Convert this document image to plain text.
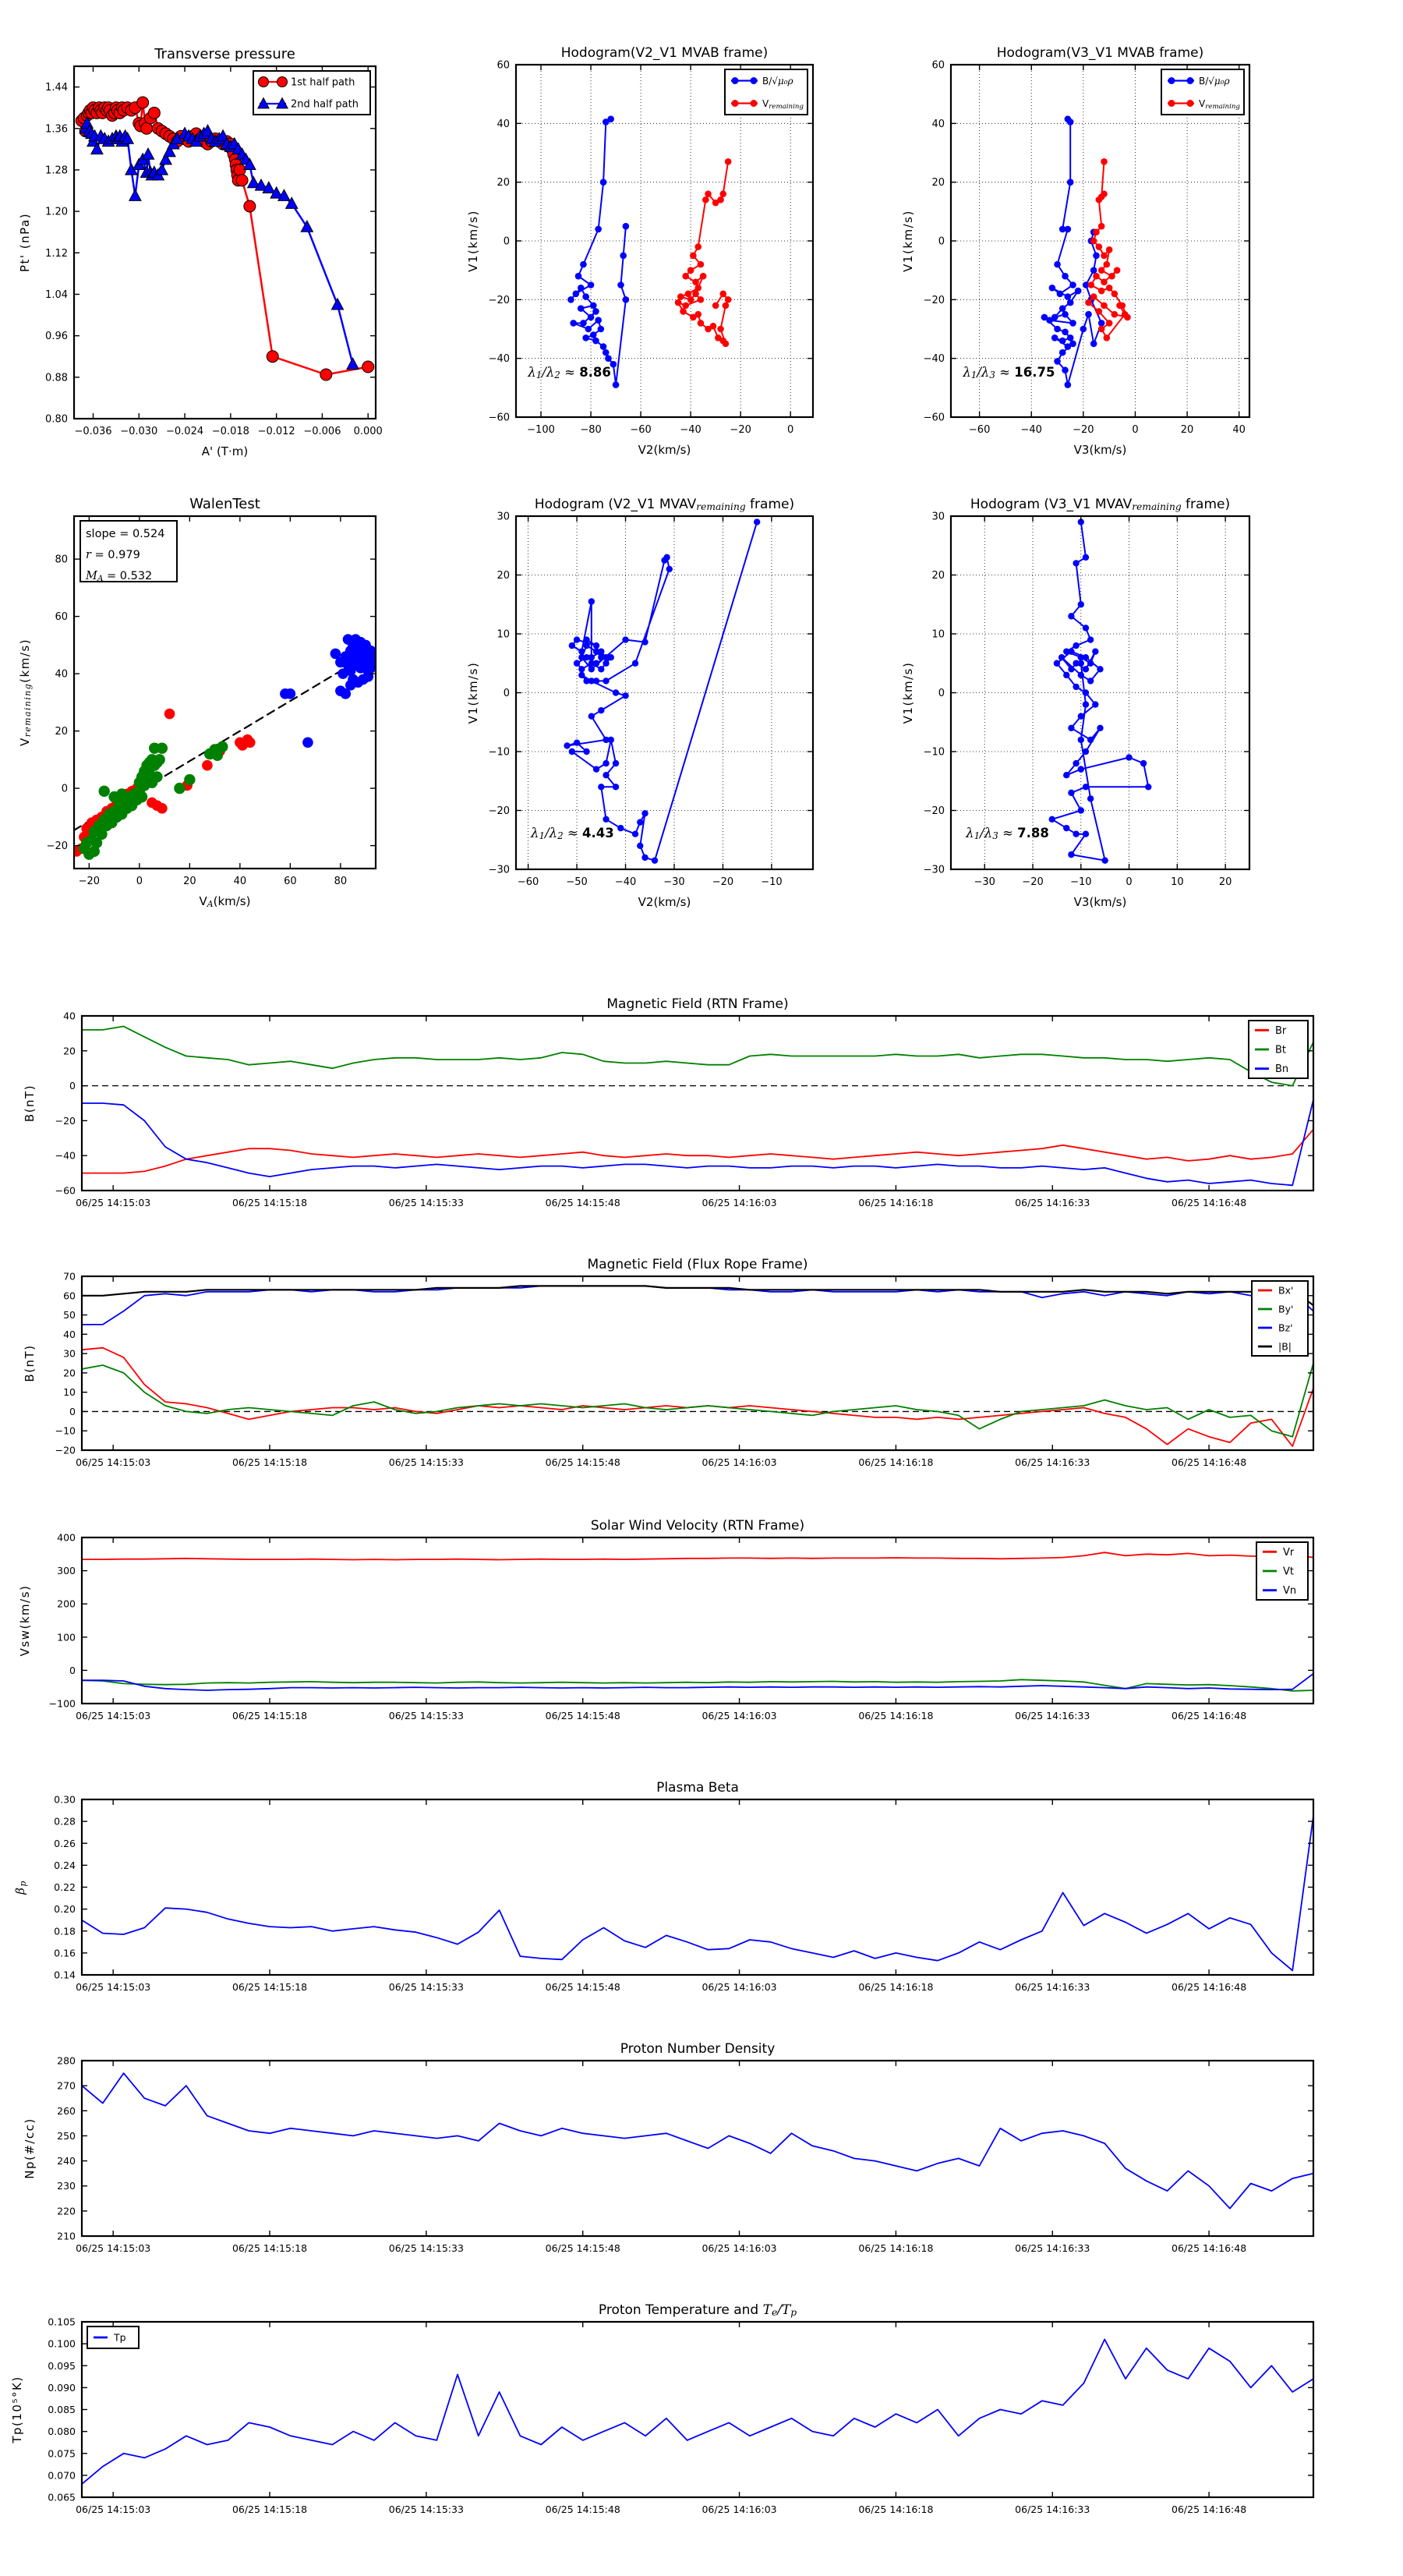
−0.036 −0.030 −0.024 −0.018 −0.012 −0.006 0.000
0.80
0.88
0.96
1.04
1.12
1.20
1.28
1.36
1.44
Transverse pressure
A' (T·m)
Pt' (nPa)
1st half path
2nd half path
−100 −80	−60	−40	−20	0
−60
−40
−20
0
20
40
60
Hodogram(V2_V1 MVAB frame)
V2(km/s)
V1(km/s)
B/√μ₀ρ
Vremaining
λ1/λ2 ≈ 8.86
−60	−40	−20	0	20	40
−60
−40
−20
0
20
40
60
Hodogram(V3_V1 MVAB frame)
V3(km/s)
V1(km/s)
B/√μ₀ρ
Vremaining
λ1/λ3 ≈ 16.75
−20	0	20	40	60	80
−20
0
20
40
60
80
WalenTest
VA(km/s)
Vremaining(km/s)
slope = 0.524
r = 0.979
MA = 0.532
−60	−50	−40	−30	−20	−10
−30
−20
−10
0
10
20
30
Hodogram (V2_V1 MVAVremaining frame)
V2(km/s)
V1(km/s)
λ1/λ2 ≈ 4.43
−30	−20	−10	0	10	20
−30
−20
−10
0
10
20
30
Hodogram (V3_V1 MVAVremaining frame)
V3(km/s)
V1(km/s)
λ1/λ3 ≈ 7.88
06/25 14:15:03	06/25 14:15:18	06/25 14:15:33	06/25 14:15:48	06/25 14:16:03	06/25 14:16:18	06/25 14:16:33	06/25 14:16:48
−60
−40
−20
0
20
40
Magnetic Field (RTN Frame)
B(nT)
Br
Bt
Bn
06/25 14:15:03	06/25 14:15:18	06/25 14:15:33	06/25 14:15:48	06/25 14:16:03	06/25 14:16:18	06/25 14:16:33	06/25 14:16:48
−20
−10
0
10
20
30
40
50
60
70
Magnetic Field (Flux Rope Frame)
B(nT)
Bx'
By'
Bz'
|B|
06/25 14:15:03	06/25 14:15:18	06/25 14:15:33	06/25 14:15:48	06/25 14:16:03	06/25 14:16:18	06/25 14:16:33	06/25 14:16:48
−100
0
100
200
300
400
Solar Wind Velocity (RTN Frame)
Vsw(km/s)
Vr
Vt
Vn
06/25 14:15:03	06/25 14:15:18	06/25 14:15:33	06/25 14:15:48	06/25 14:16:03	06/25 14:16:18	06/25 14:16:33	06/25 14:16:48
0.14
0.16
0.18
0.20
0.22
0.24
0.26
0.28
0.30
Plasma Beta
βp
06/25 14:15:03	06/25 14:15:18	06/25 14:15:33	06/25 14:15:48	06/25 14:16:03	06/25 14:16:18	06/25 14:16:33	06/25 14:16:48
210
220
230
240
250
260
270
280
Proton Number Density
Np(#/cc)
06/25 14:15:03	06/25 14:15:18	06/25 14:15:33	06/25 14:15:48	06/25 14:16:03	06/25 14:16:18	06/25 14:16:33	06/25 14:16:48
0.065
0.070
0.075
0.080
0.085
0.090
0.095
0.100
0.105
Proton Temperature and Te/Tp
Tp(10⁵°K)
Tp
